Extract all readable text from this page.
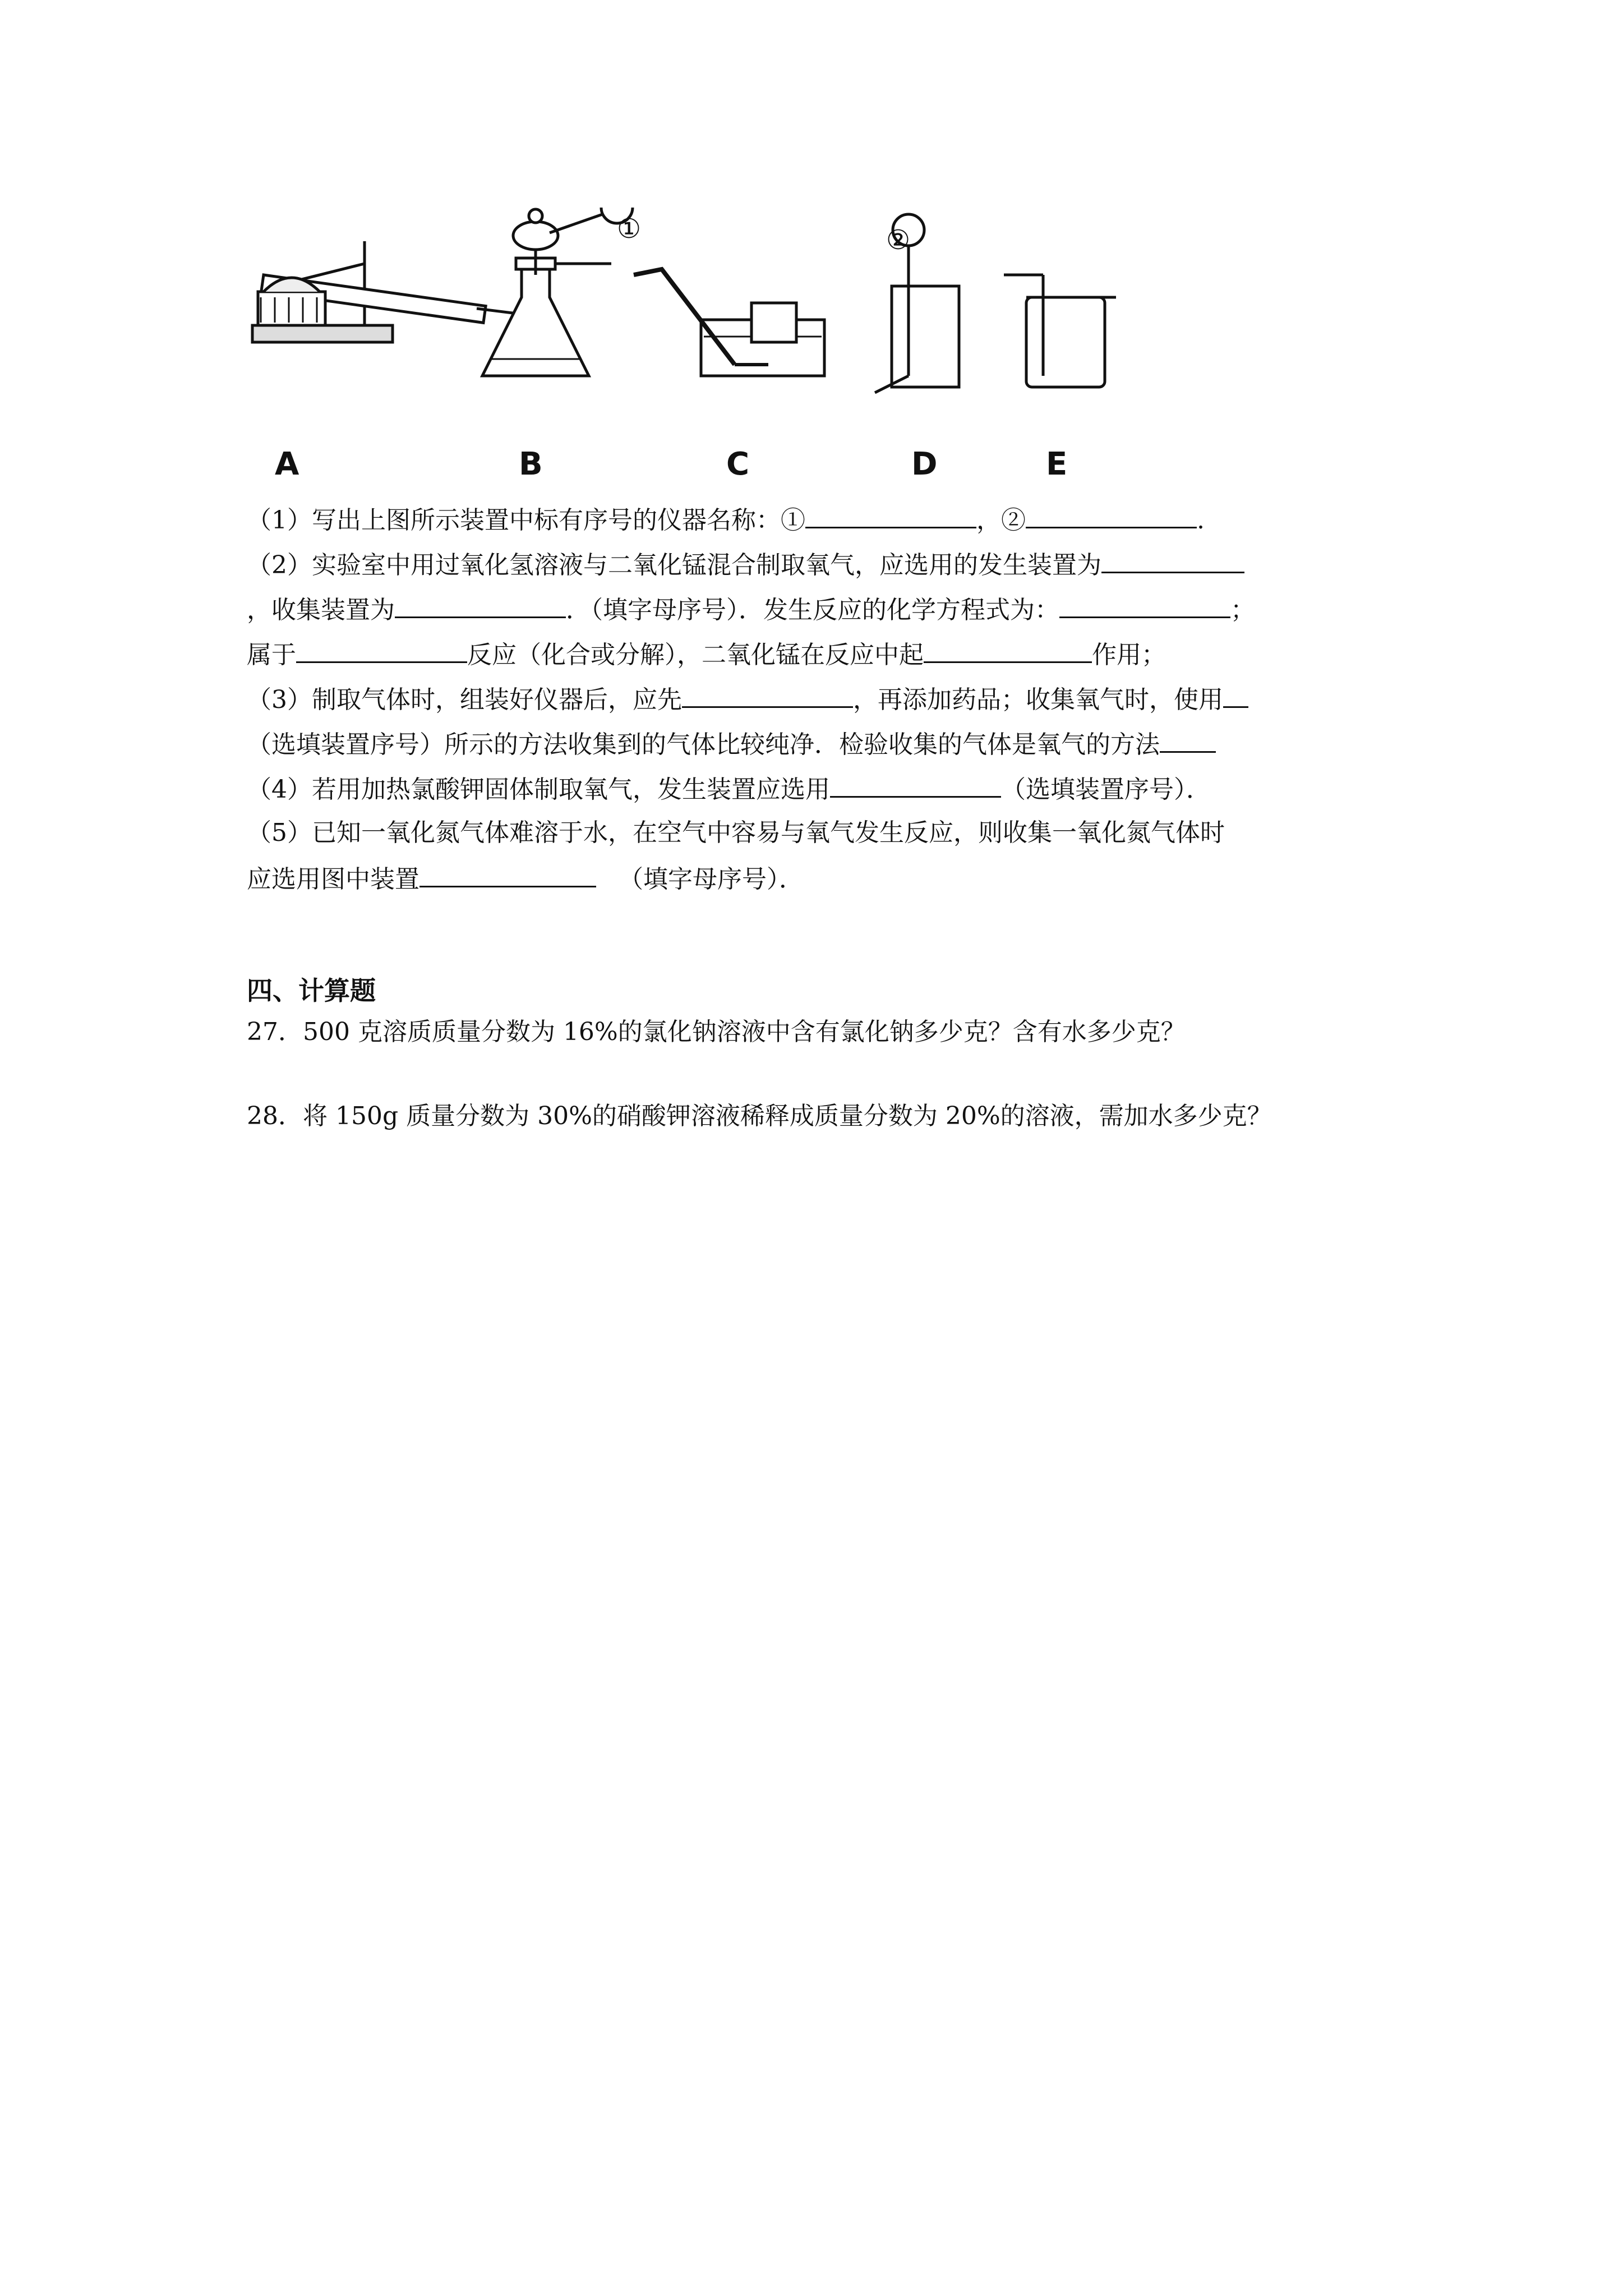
A	B	C	D	E
①	②
（1）写出上图所示装置中标有序号的仪器名称：①	，②	.
（2）实验室中用过氧化氢溶液与二氧化锰混合制取氧气，应选用的发生装置为
，收集装置为	．（填字母序号）．发生反应的化学方程式为：	；
属于	反应（化合或分解），二氧化锰在反应中起	作用；
（3）制取气体时，组装好仪器后，应先	，再添加药品；收集氧气时，使用
（选填装置序号）所示的方法收集到的气体比较纯净．检验收集的气体是氧气的方法
（4）若用加热氯酸钾固体制取氧气，发生装置应选用	（选填装置序号）．
（5）已知一氧化氮气体难溶于水，在空气中容易与氧气发生反应，则收集一氧化氮气体时
应选用图中装置	（填字母序号）．
四、计算题
27．500 克溶质质量分数为 16%的氯化钠溶液中含有氯化钠多少克？含有水多少克？
28．将 150g 质量分数为 30%的硝酸钾溶液稀释成质量分数为 20%的溶液，需加水多少克？
